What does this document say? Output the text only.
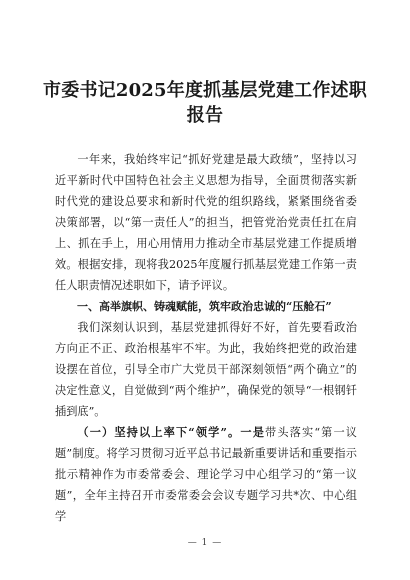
市委书记2025年度抓基层党建工作述职
报告

一年来，我始终牢记“抓好党建是最大政绩”，坚持以习近平新时代中国特色社会主义思想为指导，全面贯彻落实新时代党的建设总要求和新时代党的组织路线，紧紧围绕省委决策部署，以“第一责任人”的担当，把管党治党责任扛在肩上、抓在手上，用心用情用力推动全市基层党建工作提质增效。根据安排，现将我2025年度履行抓基层党建工作第一责任人职责情况述职如下，请予评议。

一、高举旗帜、铸魂赋能，筑牢政治忠诚的“压舱石”

我们深刻认识到，基层党建抓得好不好，首先要看政治方向正不正、政治根基牢不牢。为此，我始终把党的政治建设摆在首位，引导全市广大党员干部深刻领悟“两个确立”的决定性意义，自觉做到“两个维护”，确保党的领导“一根钢钎插到底”。

（一）坚持以上率下“领学”。一是带头落实“第一议题”制度。将学习贯彻习近平总书记最新重要讲话和重要指示批示精神作为市委常委会、理论学习中心组学习的“第一议题”，全年主持召开市委常委会会议专题学习共*次、中心组学

— 1 —
